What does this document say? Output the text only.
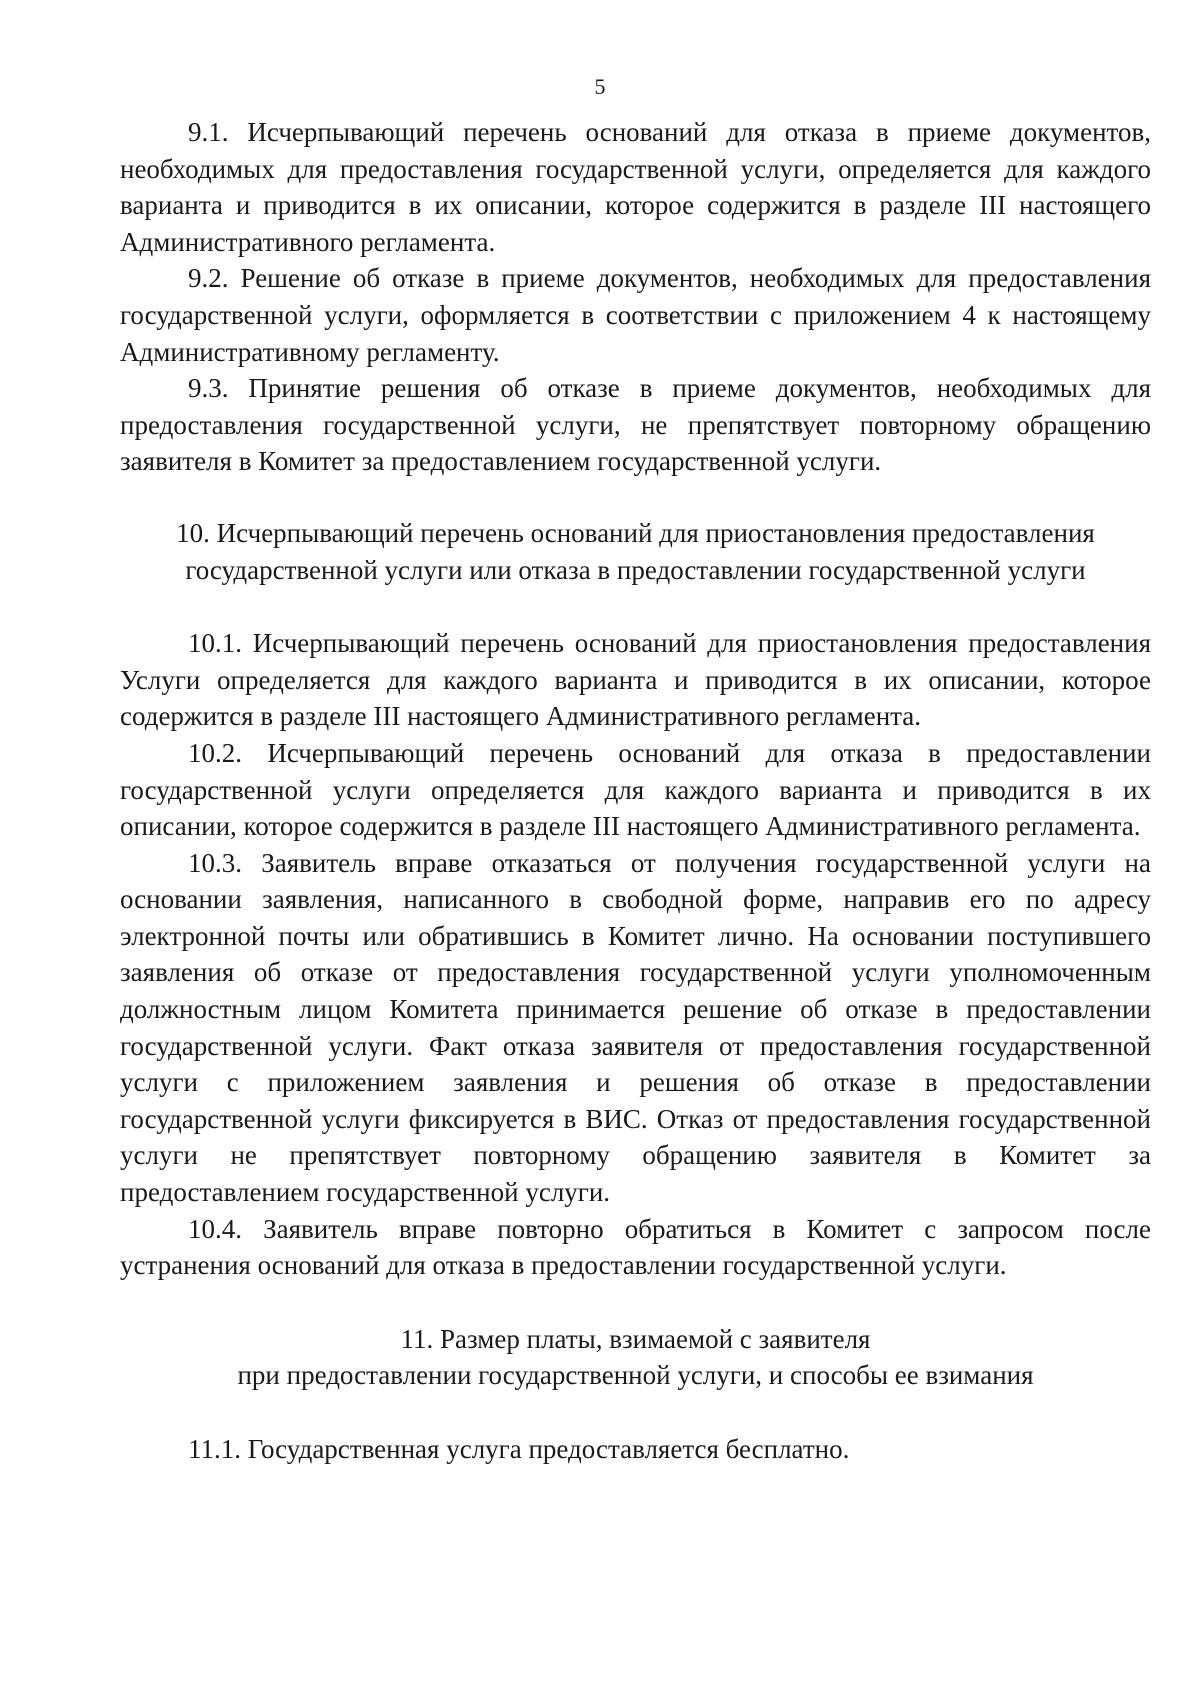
5

9.1. Исчерпывающий перечень оснований для отказа в приеме документов, необходимых для предоставления государственной услуги, определяется для каждого варианта и приводится в их описании, которое содержится в разделе III настоящего Административного регламента.

9.2. Решение об отказе в приеме документов, необходимых для предоставления государственной услуги, оформляется в соответствии с приложением 4 к настоящему Административному регламенту.

9.3. Принятие решения об отказе в приеме документов, необходимых для предоставления государственной услуги, не препятствует повторному обращению заявителя в Комитет за предоставлением государственной услуги.

10. Исчерпывающий перечень оснований для приостановления предоставления государственной услуги или отказа в предоставлении государственной услуги

10.1. Исчерпывающий перечень оснований для приостановления предоставления Услуги определяется для каждого варианта и приводится в их описании, которое содержится в разделе III настоящего Административного регламента.

10.2. Исчерпывающий перечень оснований для отказа в предоставлении государственной услуги определяется для каждого варианта и приводится в их описании, которое содержится в разделе III настоящего Административного регламента.

10.3. Заявитель вправе отказаться от получения государственной услуги на основании заявления, написанного в свободной форме, направив его по адресу электронной почты или обратившись в Комитет лично. На основании поступившего заявления об отказе от предоставления государственной услуги уполномоченным должностным лицом Комитета принимается решение об отказе в предоставлении государственной услуги. Факт отказа заявителя от предоставления государственной услуги с приложением заявления и решения об отказе в предоставлении государственной услуги фиксируется в ВИС. Отказ от предоставления государственной услуги не препятствует повторному обращению заявителя в Комитет за предоставлением государственной услуги.

10.4. Заявитель вправе повторно обратиться в Комитет с запросом после устранения оснований для отказа в предоставлении государственной услуги.

11. Размер платы, взимаемой с заявителя

при предоставлении государственной услуги, и способы ее взимания

11.1. Государственная услуга предоставляется бесплатно.
